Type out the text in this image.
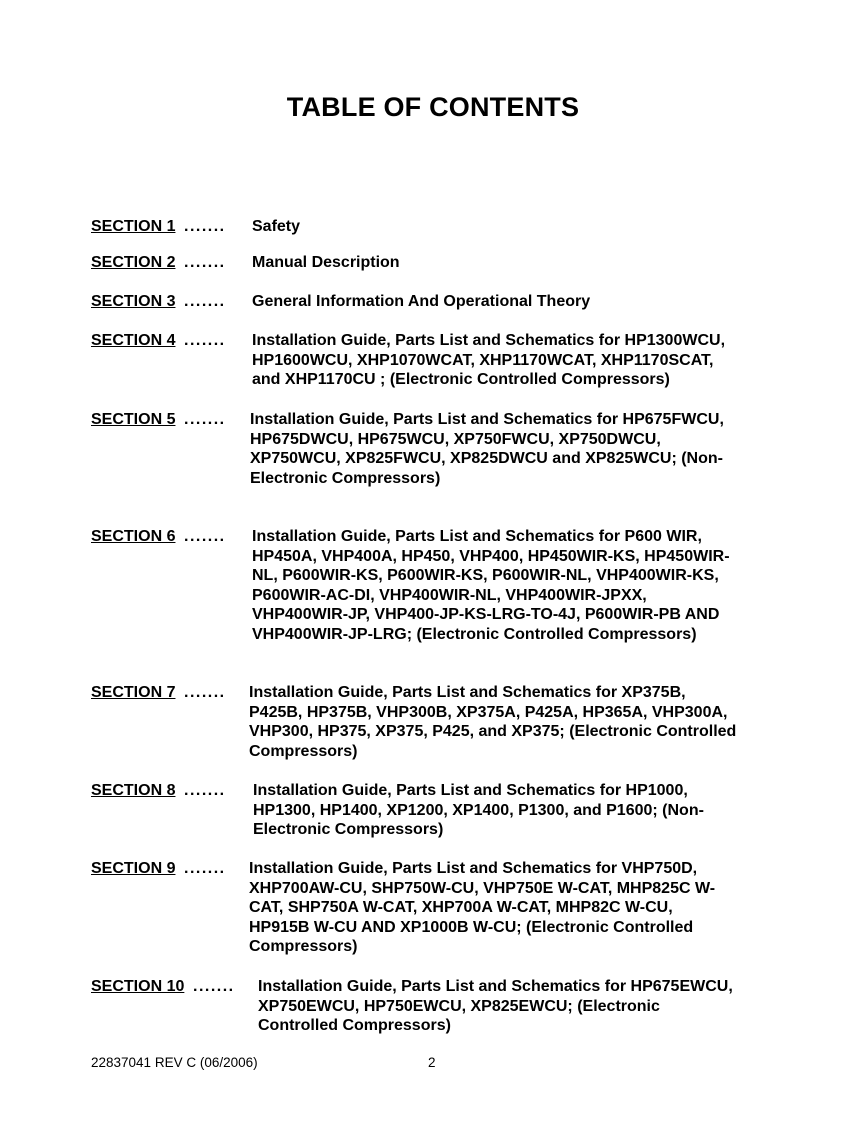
TABLE OF CONTENTS
SECTION 1 ....... Safety
SECTION 2 ....... Manual Description
SECTION 3 ....... General Information And Operational Theory
SECTION 4 ....... Installation Guide, Parts List and Schematics for HP1300WCU,
HP1600WCU, XHP1070WCAT, XHP1170WCAT, XHP1170SCAT,
and XHP1170CU ; (Electronic Controlled Compressors)
SECTION 5 ....... Installation Guide, Parts List and Schematics for HP675FWCU,
HP675DWCU, HP675WCU, XP750FWCU, XP750DWCU,
XP750WCU, XP825FWCU, XP825DWCU and XP825WCU; (Non-
Electronic Compressors)
SECTION 6 ....... Installation Guide, Parts List and Schematics for P600 WIR,
HP450A, VHP400A, HP450, VHP400, HP450WIR-KS, HP450WIR-
NL, P600WIR-KS, P600WIR-KS, P600WIR-NL, VHP400WIR-KS,
P600WIR-AC-DI, VHP400WIR-NL, VHP400WIR-JPXX,
VHP400WIR-JP, VHP400-JP-KS-LRG-TO-4J, P600WIR-PB AND
VHP400WIR-JP-LRG; (Electronic Controlled Compressors)
SECTION 7 ....... Installation Guide, Parts List and Schematics for XP375B,
P425B, HP375B, VHP300B, XP375A, P425A, HP365A, VHP300A,
VHP300, HP375, XP375, P425, and XP375; (Electronic Controlled
Compressors)
SECTION 8 ....... Installation Guide, Parts List and Schematics for HP1000,
HP1300, HP1400, XP1200, XP1400, P1300, and P1600; (Non-
Electronic Compressors)
SECTION 9 ....... Installation Guide, Parts List and Schematics for VHP750D,
XHP700AW-CU, SHP750W-CU, VHP750E W-CAT, MHP825C W-
CAT, SHP750A W-CAT, XHP700A W-CAT, MHP82C W-CU,
HP915B W-CU AND XP1000B W-CU; (Electronic Controlled
Compressors)
SECTION 10 ....... Installation Guide, Parts List and Schematics for HP675EWCU,
XP750EWCU, HP750EWCU, XP825EWCU; (Electronic
Controlled Compressors)
22837041 REV C (06/2006)	2
